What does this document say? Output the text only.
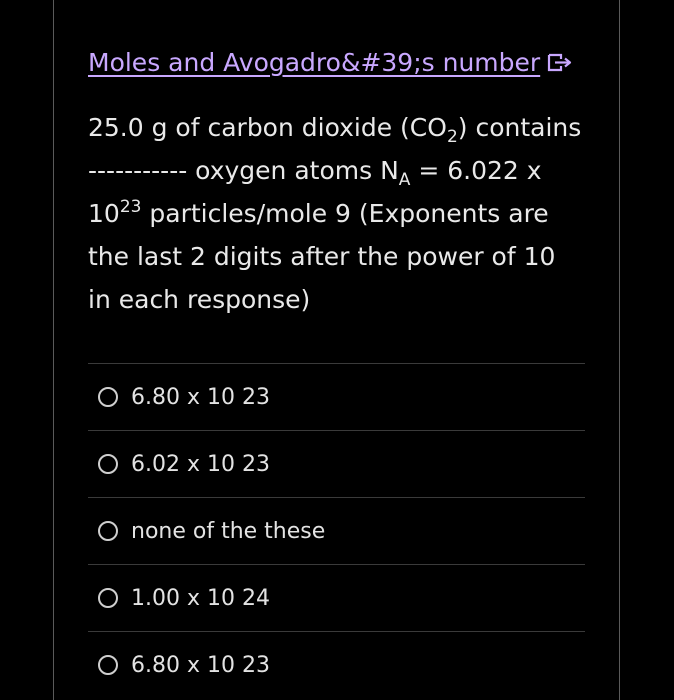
Moles and Avogadro&#39;s number
25.0 g of carbon dioxide $(CO_2)$ contains
----------- oxygen atoms $N_A = 6.022$ x
$10^{23}$ particles/mole 9 (Exponents are
the last 2 digits after the power of 10
in each response)
6.80 x 10 23
6.02 x 10 23
none of the these
1.00 x 10 24
6.80 x 10 23
